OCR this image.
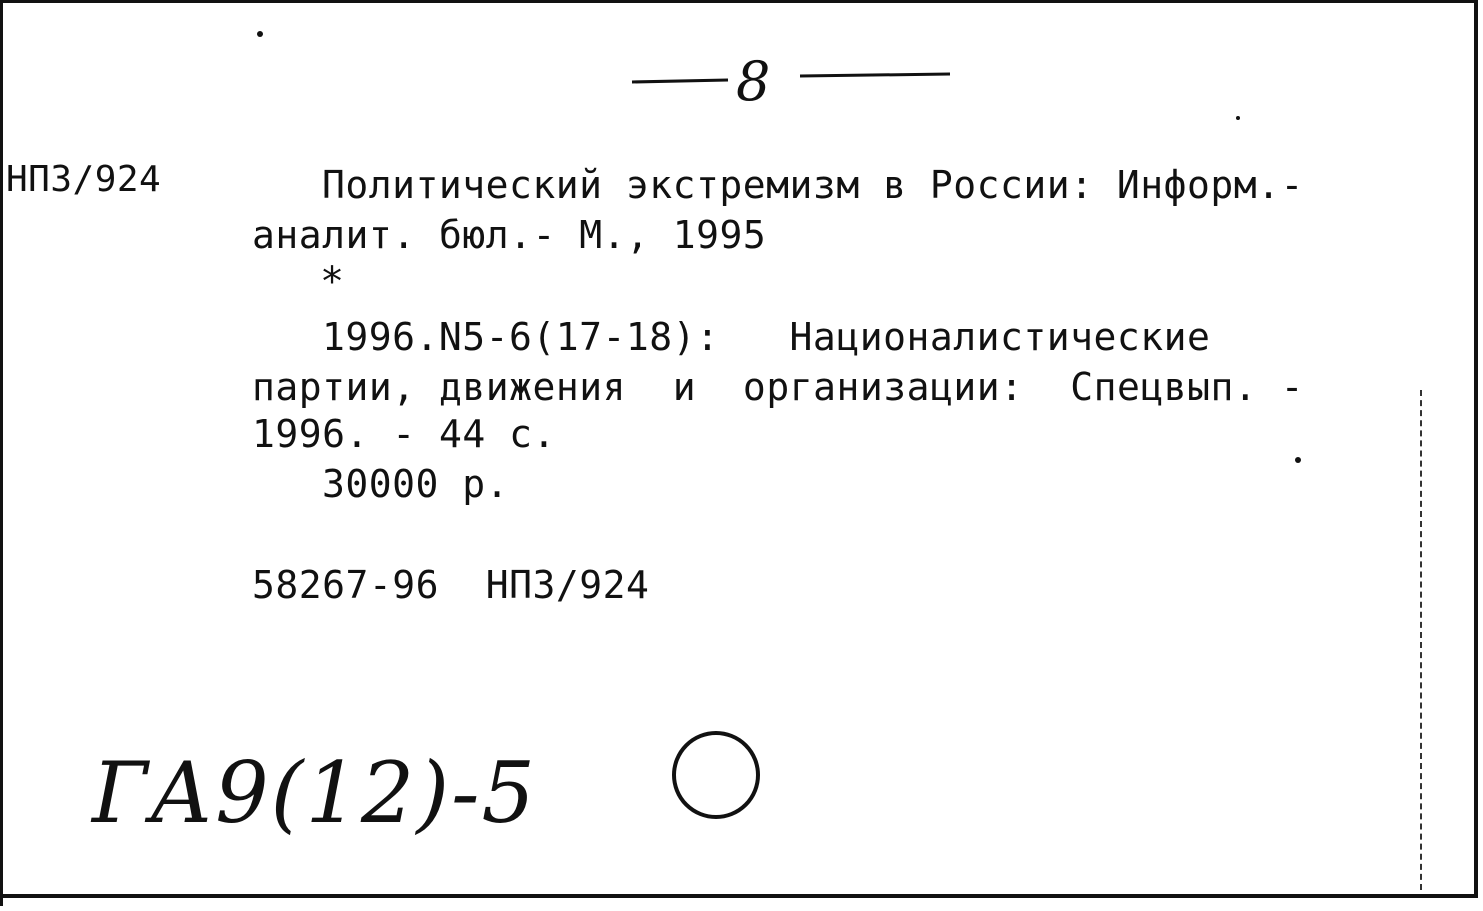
8
НПЗ/924	Политический экстремизм в России: Информ.-
аналит. бюл.- М., 1995
*
1996.N5-6(17-18):   Националистические
партии, движения  и  организации:  Спецвып. -
1996. - 44 с.
30000 р.
58267-96  НПЗ/924
ГА9(12)-5
